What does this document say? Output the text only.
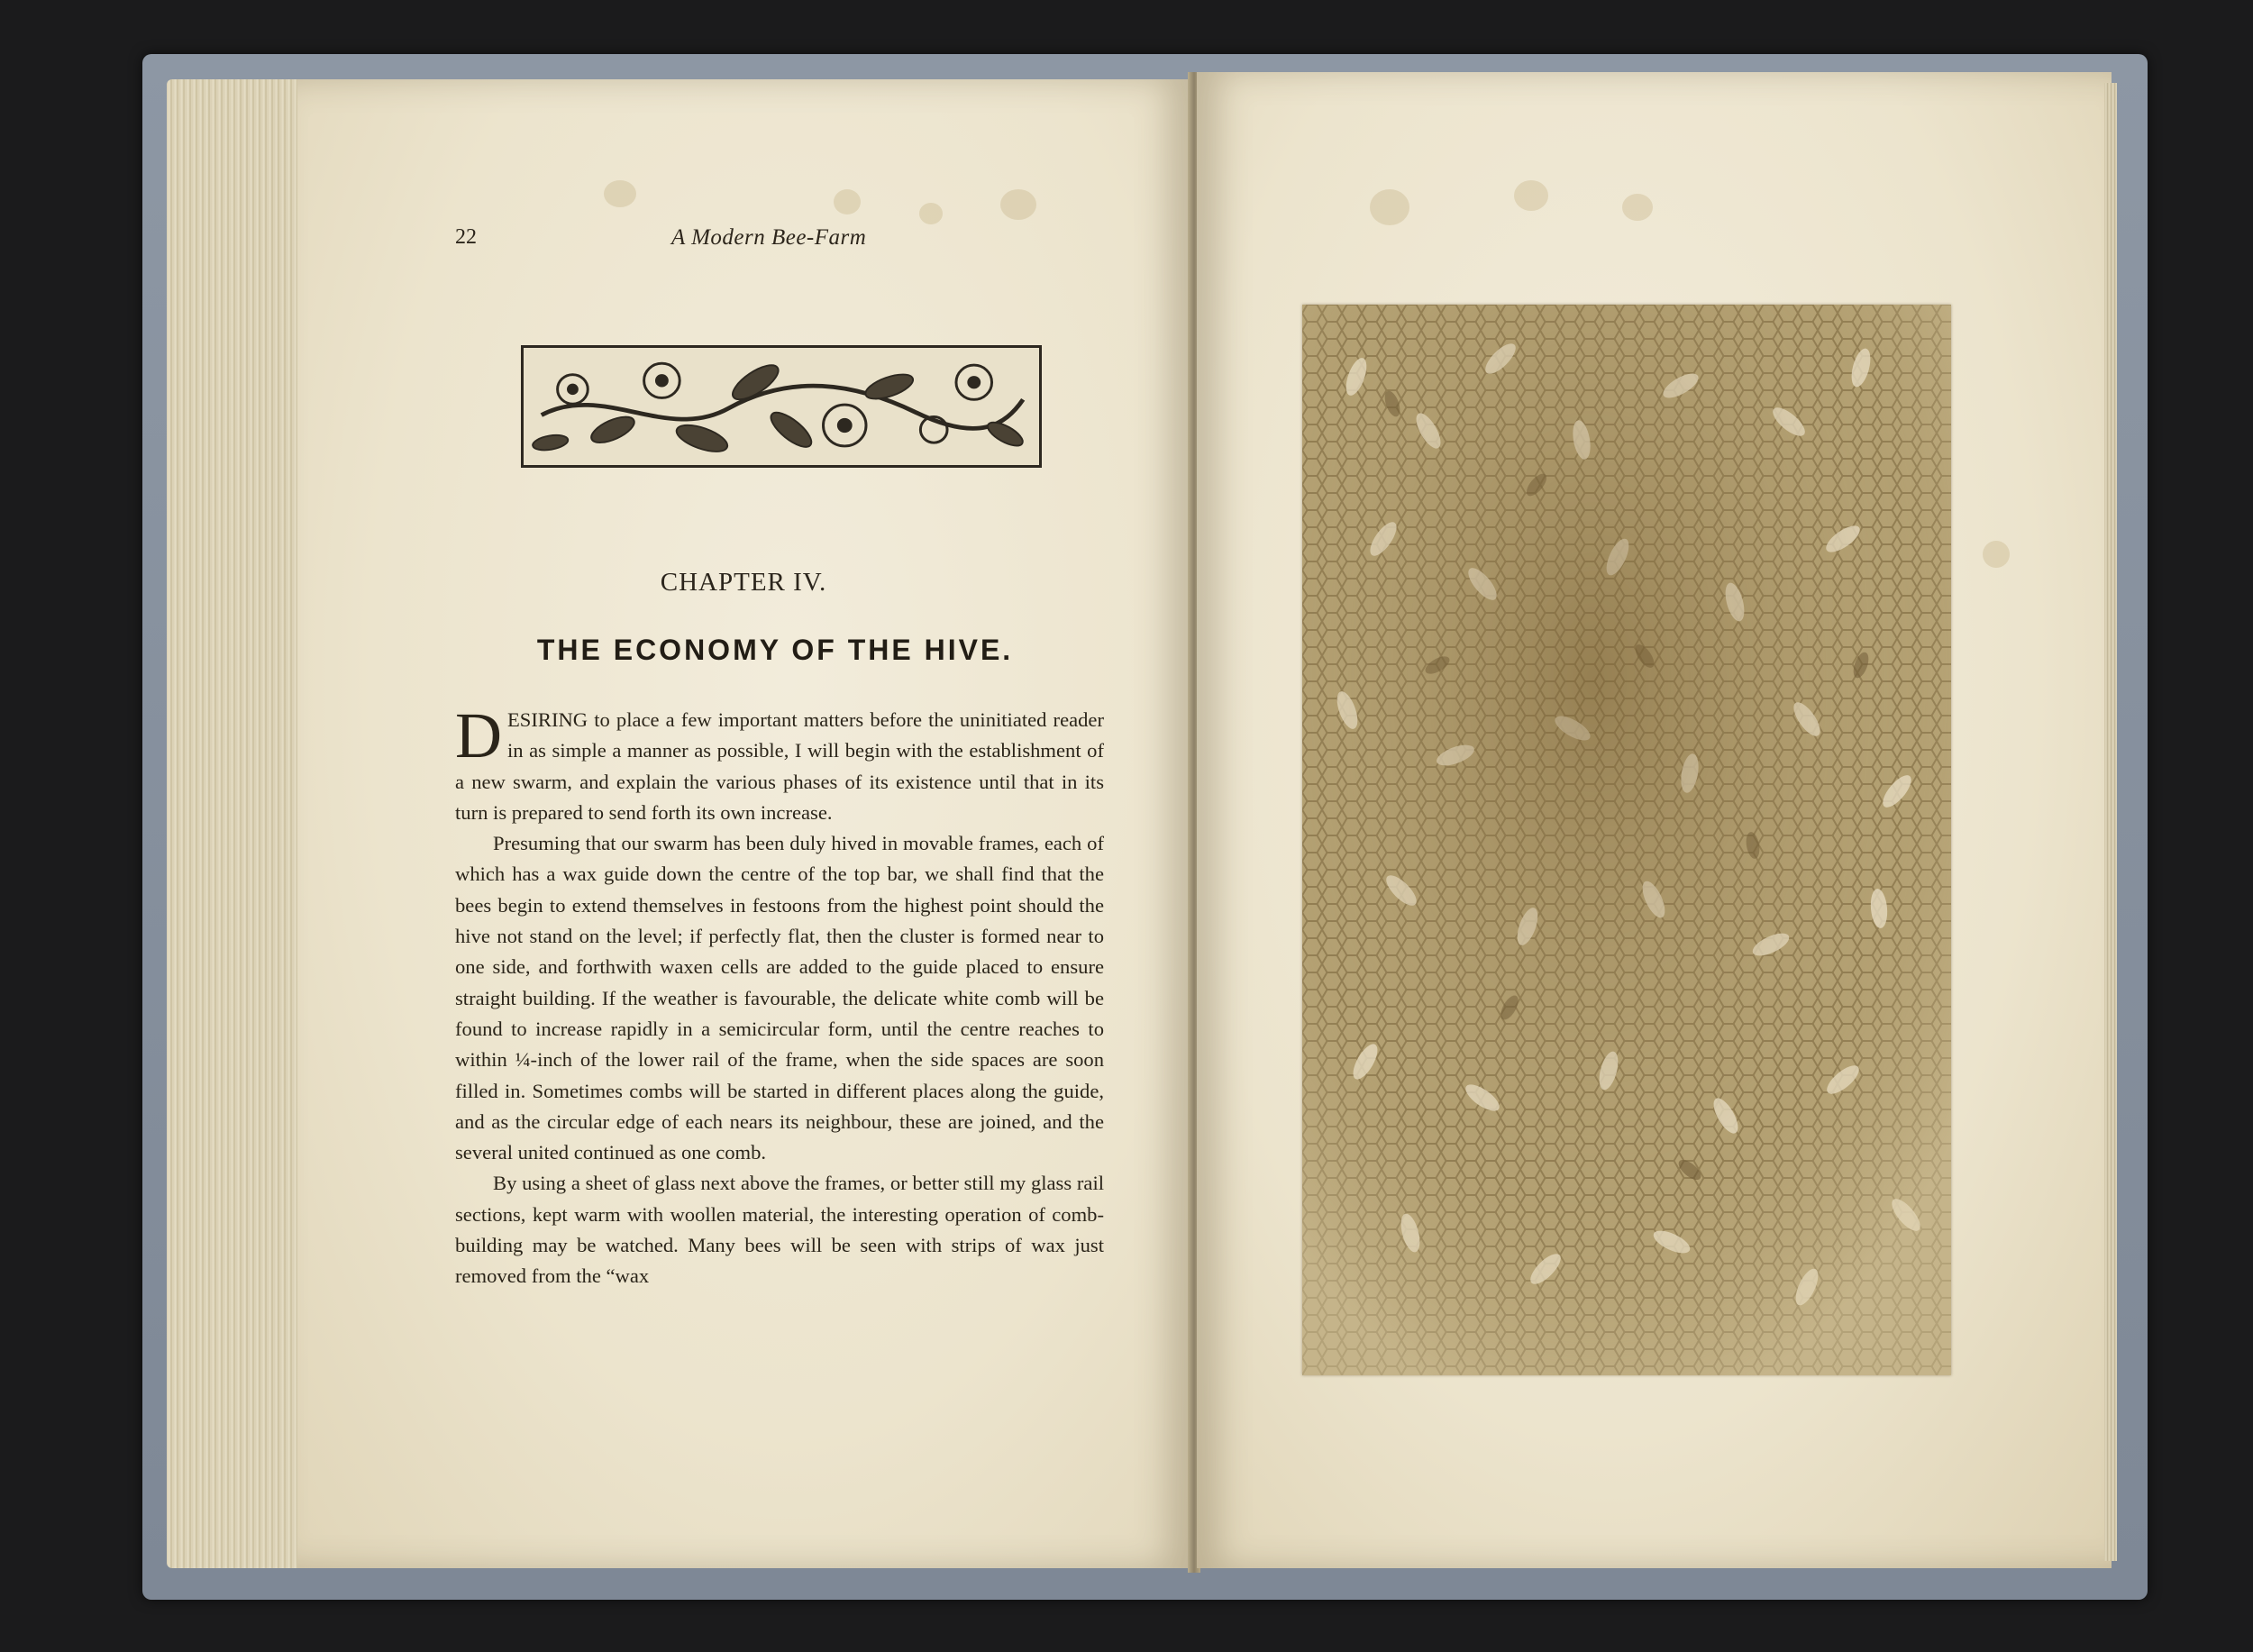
22	A Modern Bee-Farm
CHAPTER IV.
THE ECONOMY OF THE HIVE.

DESIRING to place a few important matters before the uninitiated reader in as simple a manner as possible, I will begin with the establishment of a new swarm, and explain the various phases of its existence until that in its turn is prepared to send forth its own increase.

Presuming that our swarm has been duly hived in movable frames, each of which has a wax guide down the centre of the top bar, we shall find that the bees begin to extend themselves in festoons from the highest point should the hive not stand on the level; if perfectly flat, then the cluster is formed near to one side, and forthwith waxen cells are added to the guide placed to ensure straight building. If the weather is favourable, the delicate white comb will be found to increase rapidly in a semicircular form, until the centre reaches to within ¼-inch of the lower rail of the frame, when the side spaces are soon filled in. Sometimes combs will be started in different places along the guide, and as the circular edge of each nears its neighbour, these are joined, and the several united continued as one comb.

By using a sheet of glass next above the frames, or better still my glass rail sections, kept warm with woollen material, the interesting operation of comb-building may be watched. Many bees will be seen with strips of wax just removed from the “wax
